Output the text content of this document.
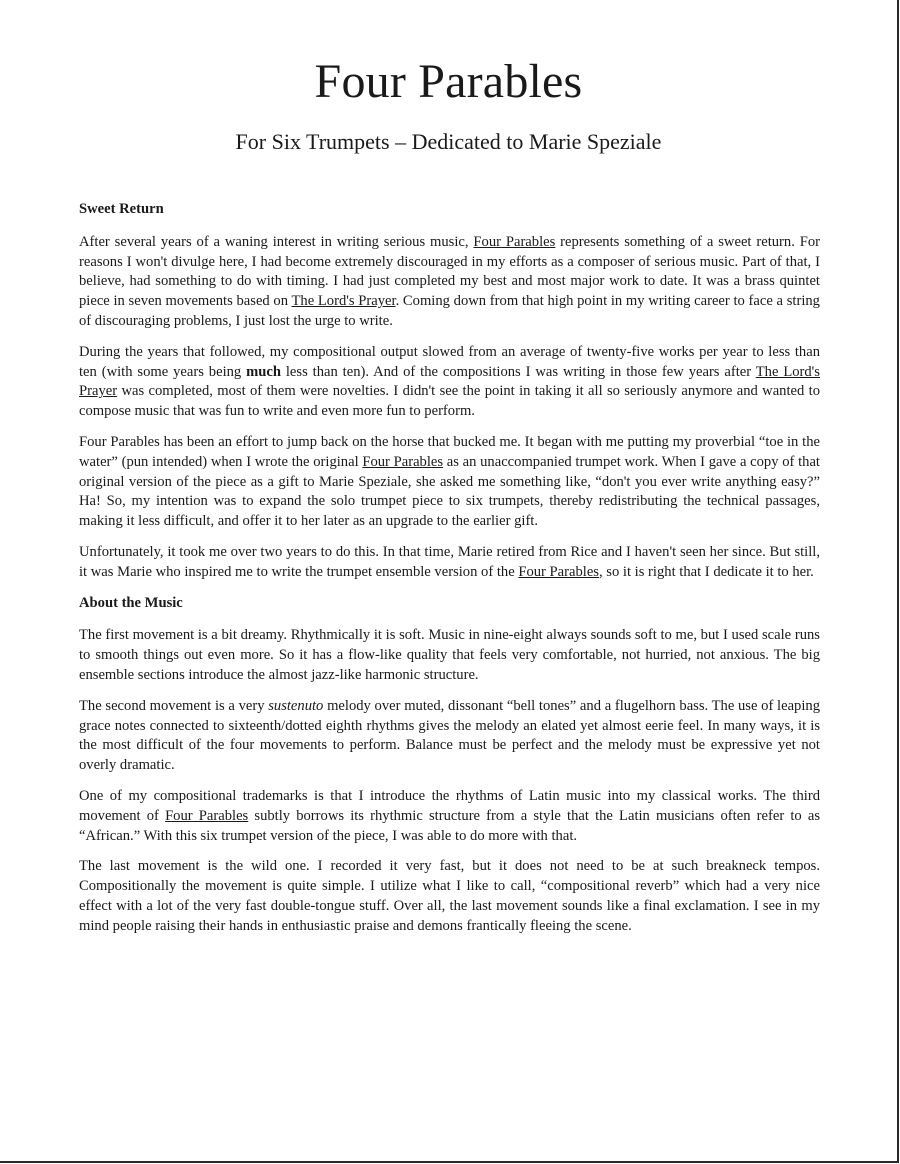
Four Parables
For Six Trumpets – Dedicated to Marie Speziale
Sweet Return

After several years of a waning interest in writing serious music, Four Parables represents something of a sweet return. For reasons I won't divulge here, I had become extremely discouraged in my efforts as a composer of serious music. Part of that, I believe, had something to do with timing. I had just completed my best and most major work to date. It was a brass quintet piece in seven movements based on The Lord's Prayer. Coming down from that high point in my writing career to face a string of discouraging problems, I just lost the urge to write.

During the years that followed, my compositional output slowed from an average of twenty-five works per year to less than ten (with some years being much less than ten). And of the compositions I was writing in those few years after The Lord's Prayer was completed, most of them were novelties. I didn't see the point in taking it all so seriously anymore and wanted to compose music that was fun to write and even more fun to perform.

Four Parables has been an effort to jump back on the horse that bucked me. It began with me putting my proverbial “toe in the water” (pun intended) when I wrote the original Four Parables as an unaccompanied trumpet work. When I gave a copy of that original version of the piece as a gift to Marie Speziale, she asked me something like, “don't you ever write anything easy?” Ha! So, my intention was to expand the solo trumpet piece to six trumpets, thereby redistributing the technical passages, making it less difficult, and offer it to her later as an upgrade to the earlier gift.

Unfortunately, it took me over two years to do this. In that time, Marie retired from Rice and I haven't seen her since. But still, it was Marie who inspired me to write the trumpet ensemble version of the Four Parables, so it is right that I dedicate it to her.

About the Music

The first movement is a bit dreamy. Rhythmically it is soft. Music in nine-eight always sounds soft to me, but I used scale runs to smooth things out even more. So it has a flow-like quality that feels very comfortable, not hurried, not anxious. The big ensemble sections introduce the almost jazz-like harmonic structure.

The second movement is a very sustenuto melody over muted, dissonant “bell tones” and a flugelhorn bass. The use of leaping grace notes connected to sixteenth/dotted eighth rhythms gives the melody an elated yet almost eerie feel. In many ways, it is the most difficult of the four movements to perform. Balance must be perfect and the melody must be expressive yet not overly dramatic.

One of my compositional trademarks is that I introduce the rhythms of Latin music into my classical works. The third movement of Four Parables subtly borrows its rhythmic structure from a style that the Latin musicians often refer to as “African.” With this six trumpet version of the piece, I was able to do more with that.

The last movement is the wild one. I recorded it very fast, but it does not need to be at such breakneck tempos. Compositionally the movement is quite simple. I utilize what I like to call, “compositional reverb” which had a very nice effect with a lot of the very fast double-tongue stuff. Over all, the last movement sounds like a final exclamation. I see in my mind people raising their hands in enthusiastic praise and demons frantically fleeing the scene.
